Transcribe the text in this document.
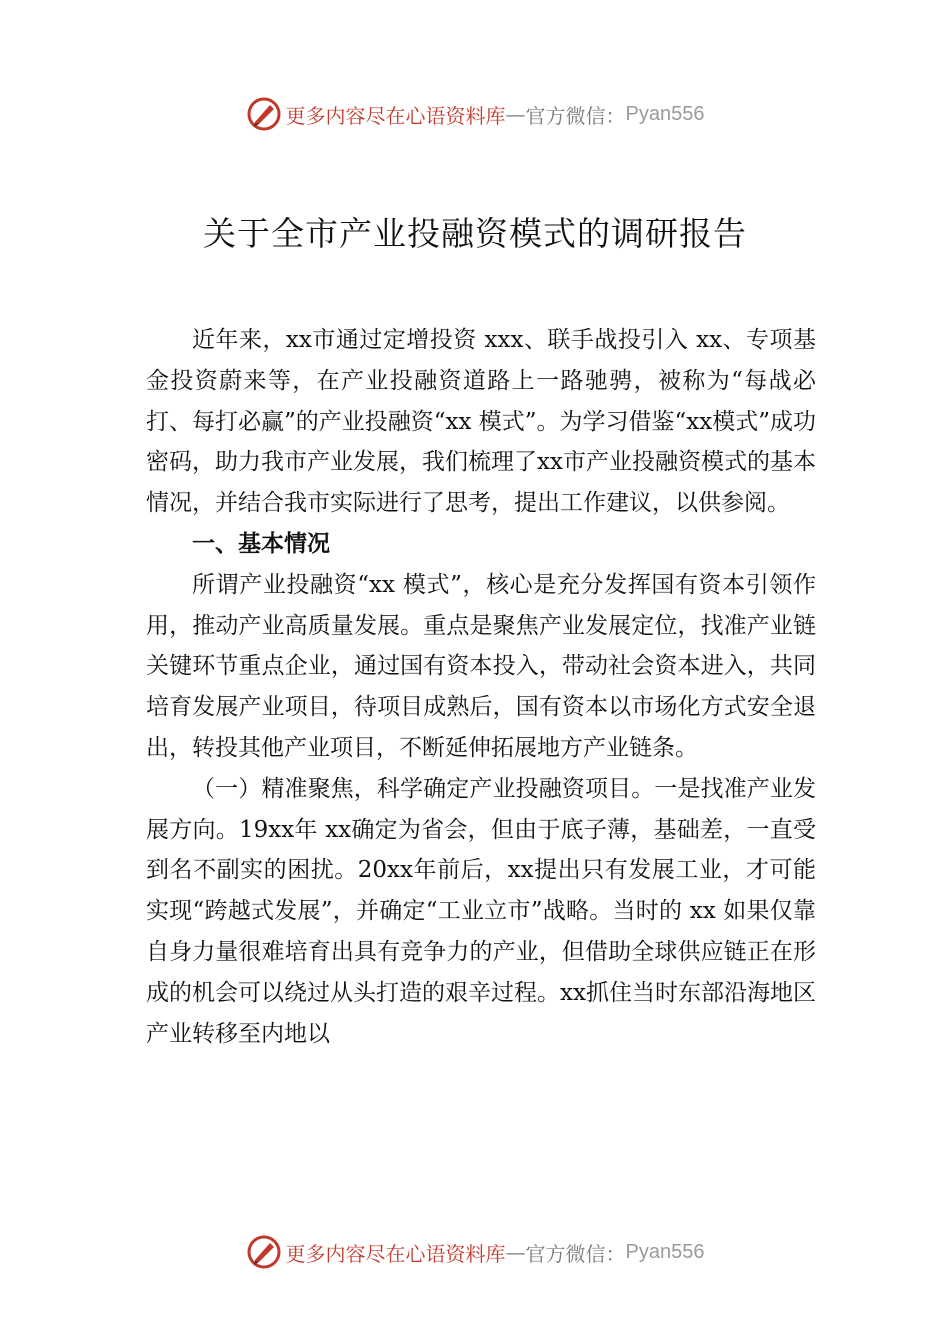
更多内容尽在心语资料库 — 官方微信： Pyan556
关于全市产业投融资模式的调研报告

近年来，xx市通过定增投资 xxx、联手战投引入 xx、专项基金投资蔚来等，在产业投融资道路上一路驰骋，被称为“每战必打、每打必赢”的产业投融资“xx 模式”。为学习借鉴“xx模式”成功密码，助力我市产业发展，我们梳理了xx市产业投融资模式的基本情况，并结合我市实际进行了思考，提出工作建议，以供参阅。

一、基本情况

所谓产业投融资“xx 模式”，核心是充分发挥国有资本引领作用，推动产业高质量发展。重点是聚焦产业发展定位，找准产业链关键环节重点企业，通过国有资本投入，带动社会资本进入，共同培育发展产业项目，待项目成熟后，国有资本以市场化方式安全退出，转投其他产业项目，不断延伸拓展地方产业链条。

（一）精准聚焦，科学确定产业投融资项目。一是找准产业发展方向。19xx年 xx确定为省会，但由于底子薄，基础差，一直受到名不副实的困扰。20xx年前后，xx提出只有发展工业，才可能实现“跨越式发展”，并确定“工业立市”战略。当时的 xx 如果仅靠自身力量很难培育出具有竞争力的产业，但借助全球供应链正在形成的机会可以绕过从头打造的艰辛过程。xx抓住当时东部沿海地区产业转移至内地以

更多内容尽在心语资料库 — 官方微信： Pyan556
